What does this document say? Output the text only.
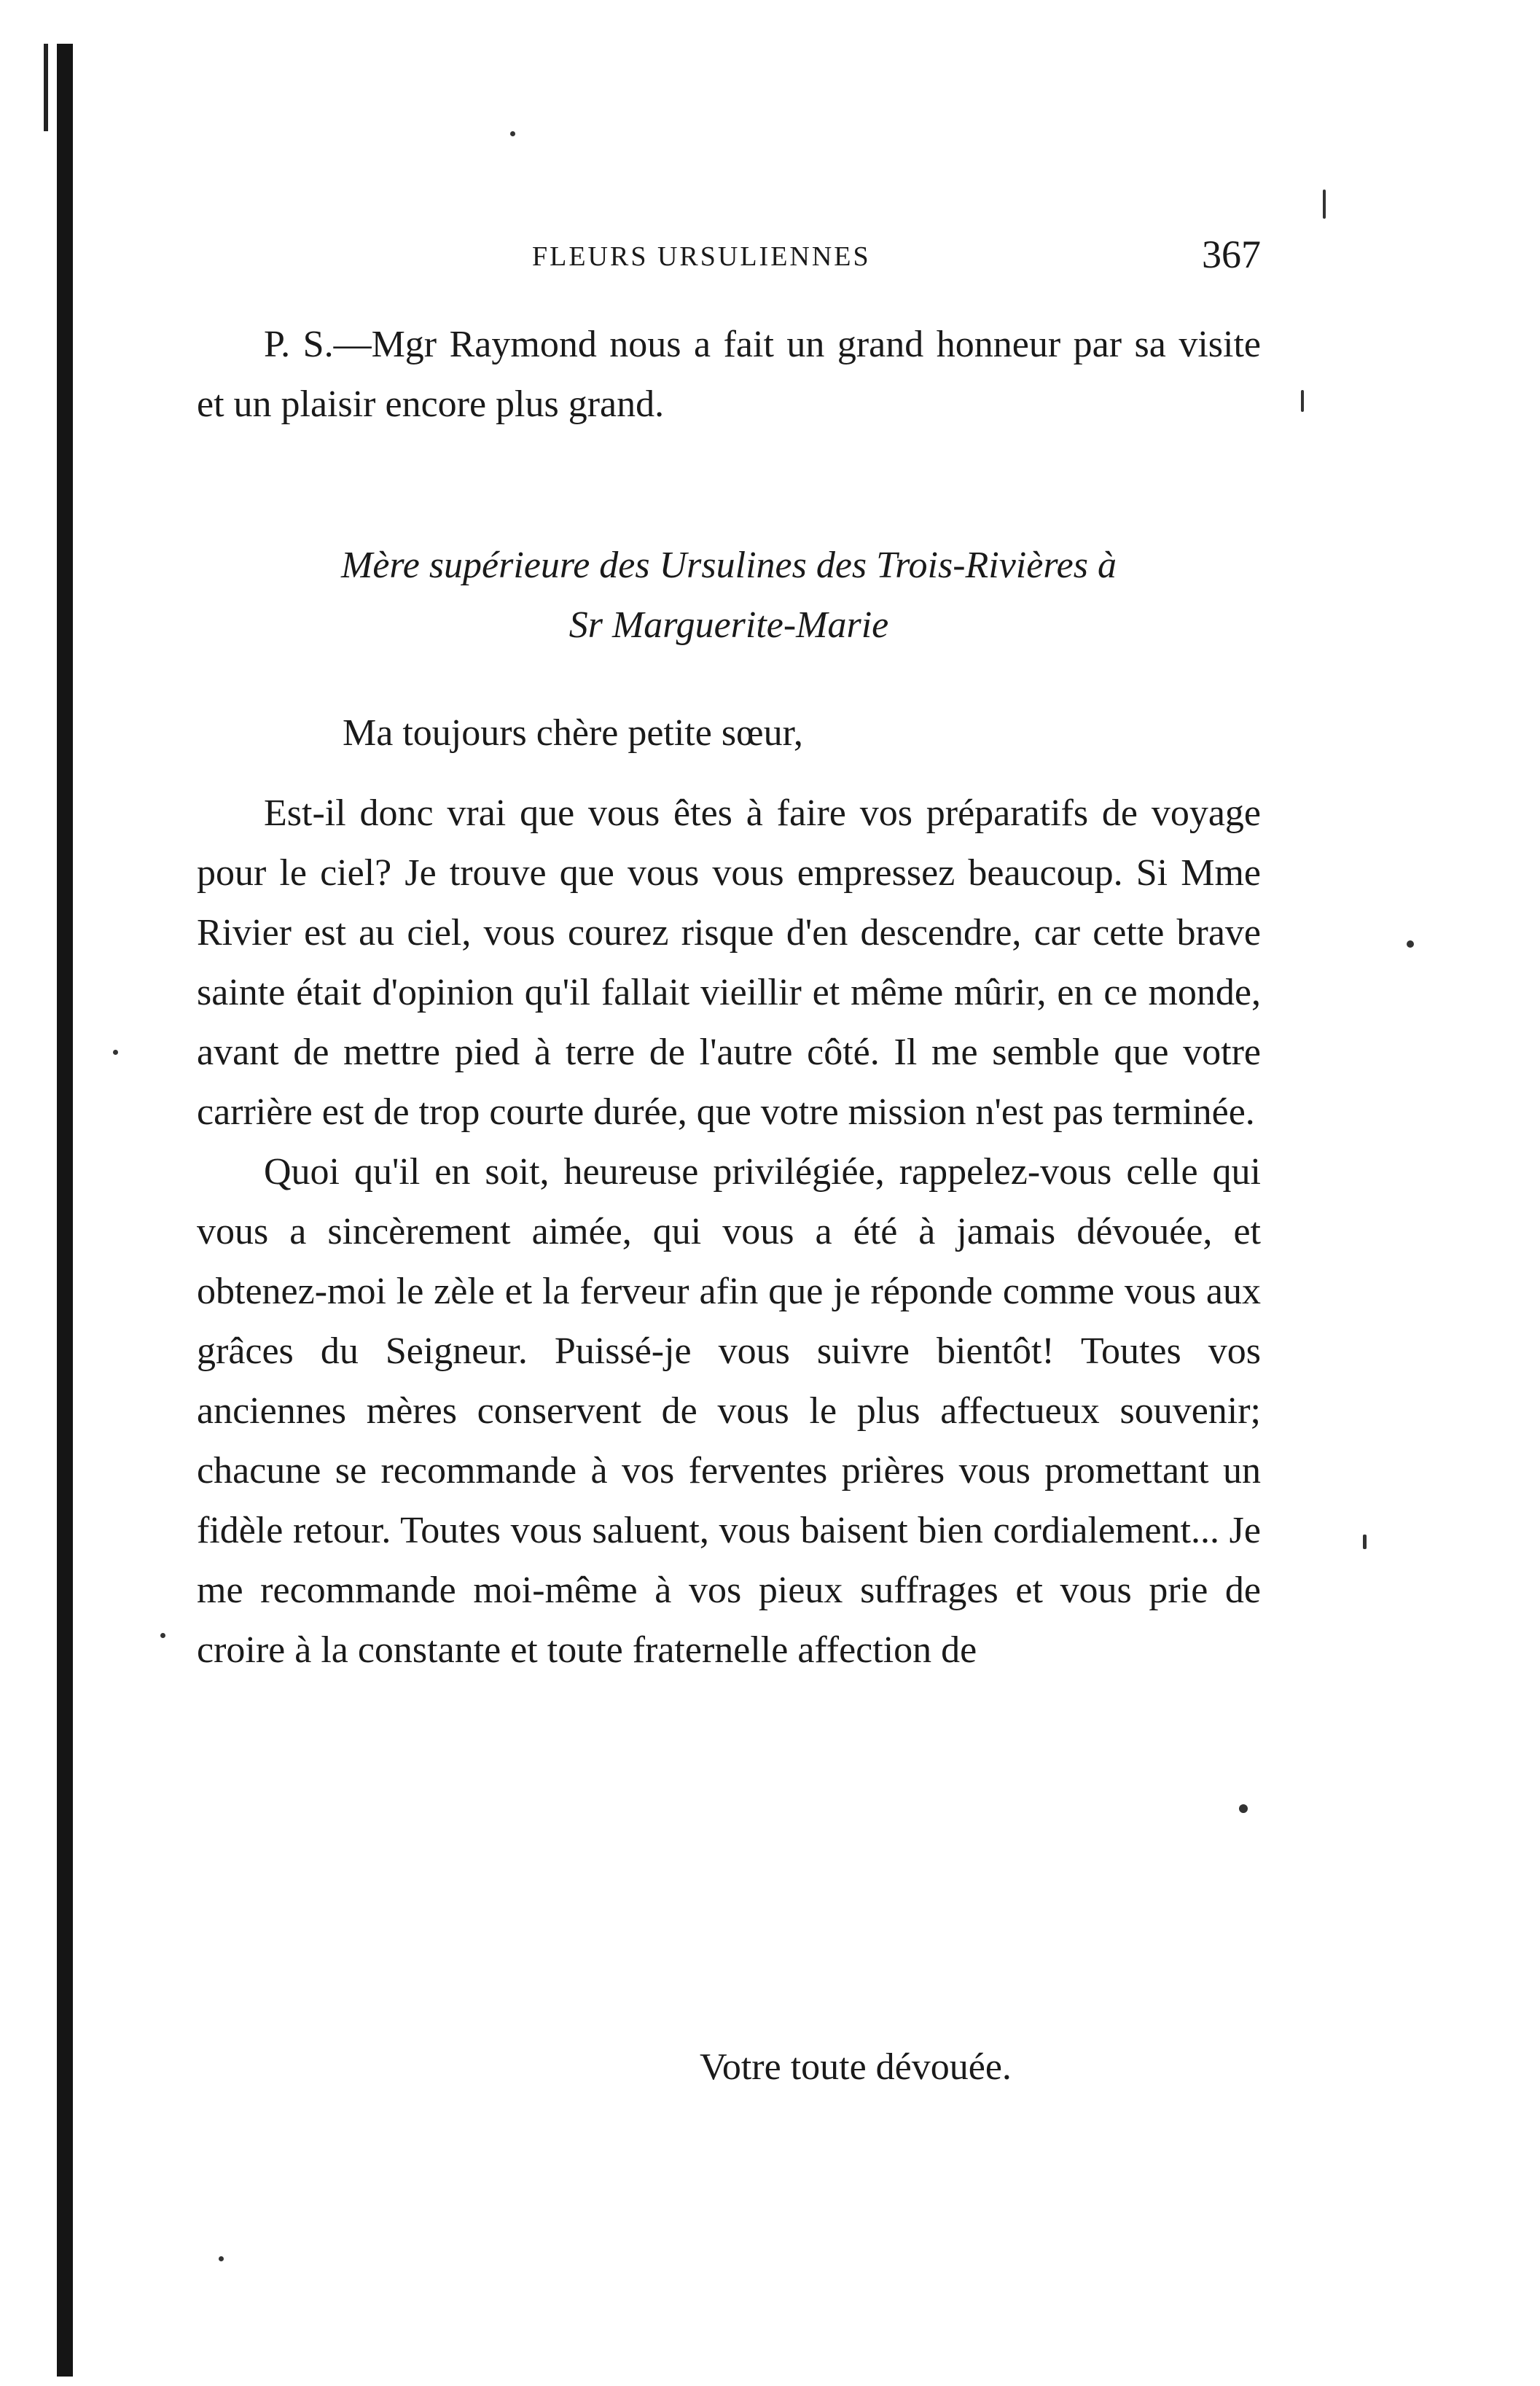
FLEURS URSULIENNES	367

P. S.—Mgr Raymond nous a fait un grand honneur par sa visite et un plaisir encore plus grand.

Mère supérieure des Ursulines des Trois-Rivières à
Sr Marguerite-Marie
Ma toujours chère petite sœur,

Est-il donc vrai que vous êtes à faire vos préparatifs de voyage pour le ciel? Je trouve que vous vous empressez beaucoup. Si Mme Rivier est au ciel, vous courez risque d'en descendre, car cette brave sainte était d'opinion qu'il fallait vieillir et même mûrir, en ce monde, avant de mettre pied à terre de l'autre côté. Il me semble que votre carrière est de trop courte durée, que votre mission n'est pas terminée.

Quoi qu'il en soit, heureuse privilégiée, rappelez-vous celle qui vous a sincèrement aimée, qui vous a été à jamais dévouée, et obtenez-moi le zèle et la ferveur afin que je réponde comme vous aux grâces du Seigneur. Puissé-je vous suivre bientôt! Toutes vos anciennes mères conservent de vous le plus affectueux souvenir; chacune se recommande à vos ferventes prières vous promettant un fidèle retour. Toutes vous saluent, vous baisent bien cordialement... Je me recommande moi-même à vos pieux suffrages et vous prie de croire à la constante et toute fraternelle affection de

Votre toute dévouée.
